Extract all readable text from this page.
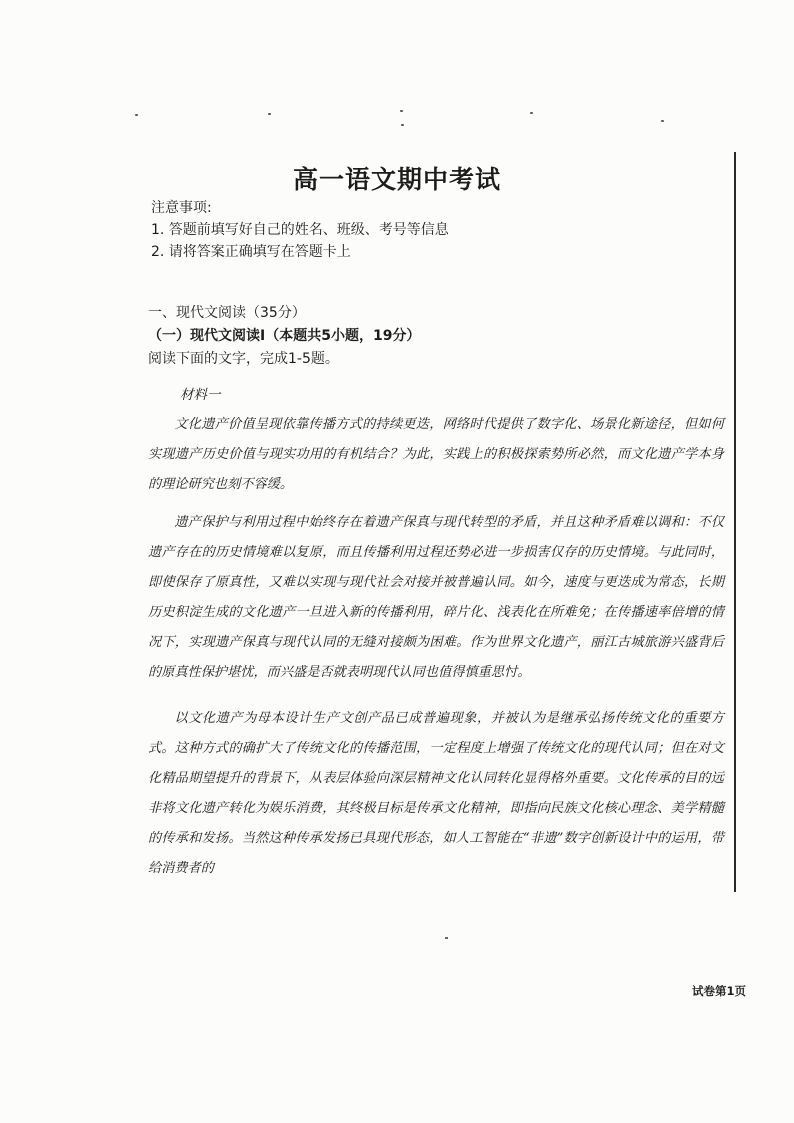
高一语文期中考试
注意事项:
1. 答题前填写好自己的姓名、班级、考号等信息
2. 请将答案正确填写在答题卡上
一、现代文阅读（35分）
（一）现代文阅读Ⅰ（本题共5小题，19分）
阅读下面的文字，完成1-5题。
材料一

文化遗产价值呈现依靠传播方式的持续更迭，网络时代提供了数字化、场景化新途径，但如何实现遗产历史价值与现实功用的有机结合？为此，实践上的积极探索势所必然，而文化遗产学本身的理论研究也刻不容缓。

遗产保护与利用过程中始终存在着遗产保真与现代转型的矛盾，并且这种矛盾难以调和：不仅遗产存在的历史情境难以复原，而且传播利用过程还势必进一步损害仅存的历史情境。与此同时，即使保存了原真性，又难以实现与现代社会对接并被普遍认同。如今，速度与更迭成为常态，长期历史积淀生成的文化遗产一旦进入新的传播利用，碎片化、浅表化在所难免；在传播速率倍增的情况下，实现遗产保真与现代认同的无缝对接颇为困难。作为世界文化遗产，丽江古城旅游兴盛背后的原真性保护堪忧，而兴盛是否就表明现代认同也值得慎重思忖。

以文化遗产为母本设计生产文创产品已成普遍现象，并被认为是继承弘扬传统文化的重要方式。这种方式的确扩大了传统文化的传播范围，一定程度上增强了传统文化的现代认同；但在对文化精品期望提升的背景下，从表层体验向深层精神文化认同转化显得格外重要。文化传承的目的远非将文化遗产转化为娱乐消费，其终极目标是传承文化精神，即指向民族文化核心理念、美学精髓的传承和发扬。当然这种传承发扬已具现代形态，如人工智能在“非遗”数字创新设计中的运用，带给消费者的

试卷第1页
